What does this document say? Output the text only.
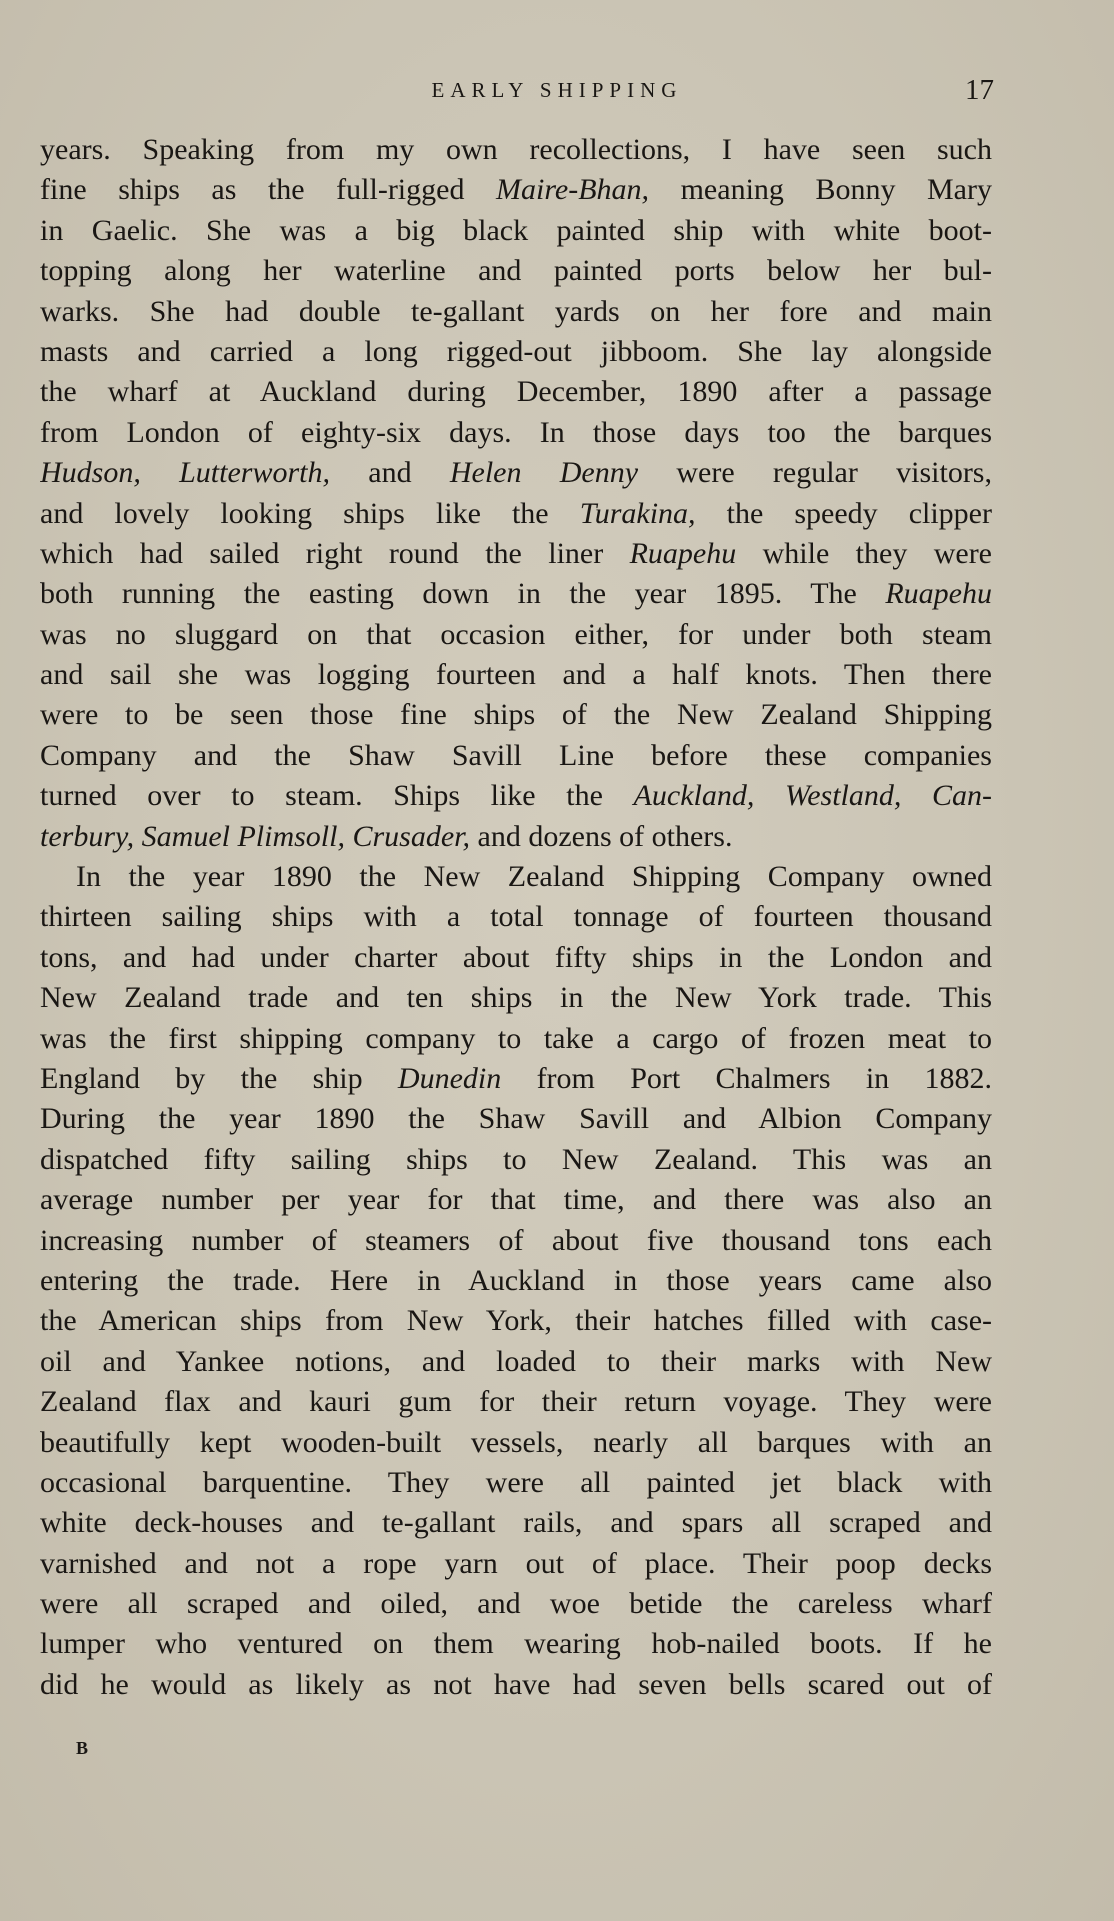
EARLY SHIPPING	17
years. Speaking from my own recollections, I have seen such
fine ships as the full-rigged Maire-Bhan, meaning Bonny Mary
in Gaelic. She was a big black painted ship with white boot-
topping along her waterline and painted ports below her bul-
warks. She had double te-gallant yards on her fore and main
masts and carried a long rigged-out jibboom. She lay alongside
the wharf at Auckland during December, 1890 after a passage
from London of eighty-six days. In those days too the barques
Hudson, Lutterworth, and Helen Denny were regular visitors,
and lovely looking ships like the Turakina, the speedy clipper
which had sailed right round the liner Ruapehu while they were
both running the easting down in the year 1895. The Ruapehu
was no sluggard on that occasion either, for under both steam
and sail she was logging fourteen and a half knots. Then there
were to be seen those fine ships of the New Zealand Shipping
Company and the Shaw Savill Line before these companies
turned over to steam. Ships like the Auckland, Westland, Can-
terbury, Samuel Plimsoll, Crusader, and dozens of others.
In the year 1890 the New Zealand Shipping Company owned
thirteen sailing ships with a total tonnage of fourteen thousand
tons, and had under charter about fifty ships in the London and
New Zealand trade and ten ships in the New York trade. This
was the first shipping company to take a cargo of frozen meat to
England by the ship Dunedin from Port Chalmers in 1882.
During the year 1890 the Shaw Savill and Albion Company
dispatched fifty sailing ships to New Zealand. This was an
average number per year for that time, and there was also an
increasing number of steamers of about five thousand tons each
entering the trade. Here in Auckland in those years came also
the American ships from New York, their hatches filled with case-
oil and Yankee notions, and loaded to their marks with New
Zealand flax and kauri gum for their return voyage. They were
beautifully kept wooden-built vessels, nearly all barques with an
occasional barquentine. They were all painted jet black with
white deck-houses and te-gallant rails, and spars all scraped and
varnished and not a rope yarn out of place. Their poop decks
were all scraped and oiled, and woe betide the careless wharf
lumper who ventured on them wearing hob-nailed boots. If he
did he would as likely as not have had seven bells scared out of
B
